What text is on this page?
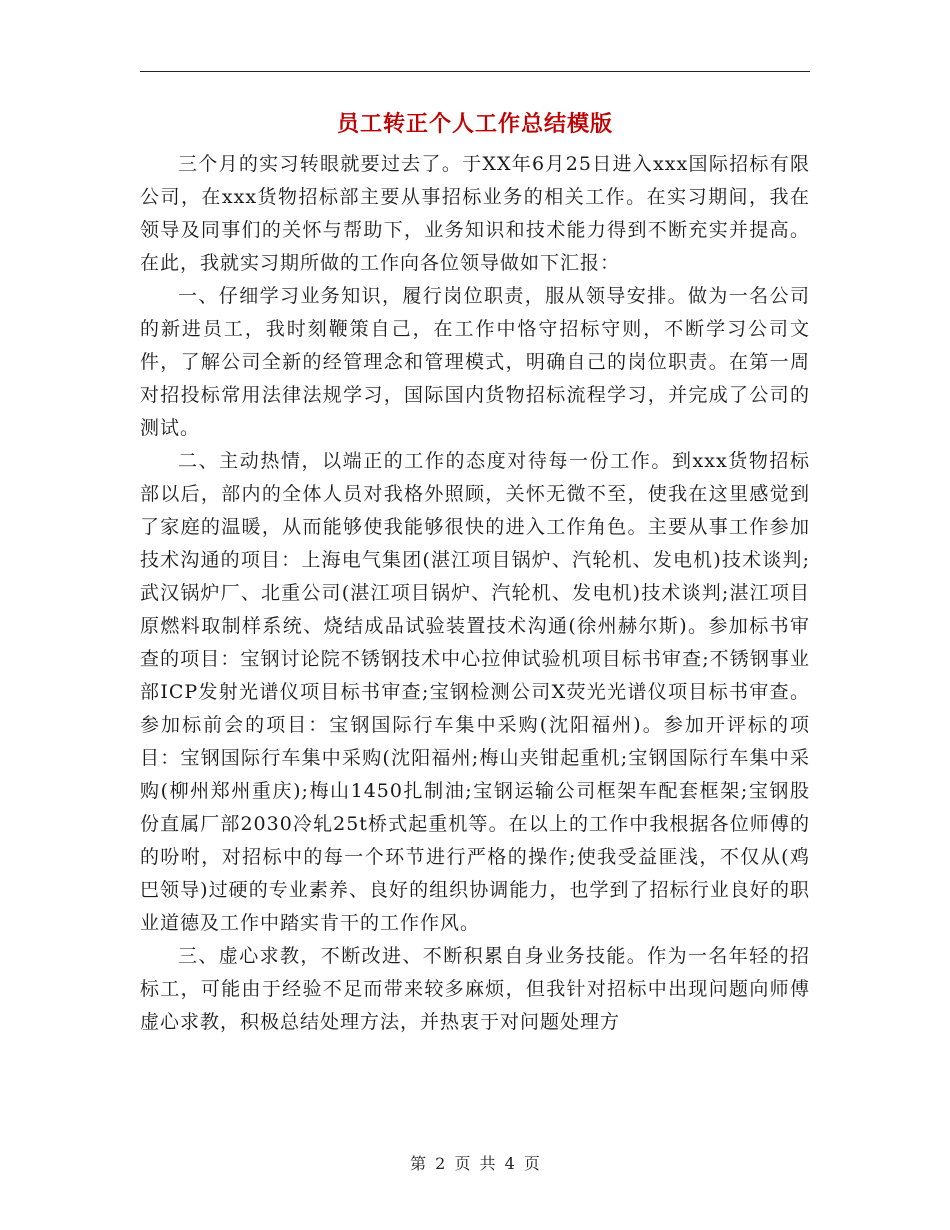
员工转正个人工作总结模版

三个月的实习转眼就要过去了。于XX年6月25日进入xxx国际招标有限公司，在xxx货物招标部主要从事招标业务的相关工作。在实习期间，我在领导及同事们的关怀与帮助下，业务知识和技术能力得到不断充实并提高。在此，我就实习期所做的工作向各位领导做如下汇报：

一、仔细学习业务知识，履行岗位职责，服从领导安排。做为一名公司的新进员工，我时刻鞭策自己，在工作中恪守招标守则，不断学习公司文件，了解公司全新的经管理念和管理模式，明确自己的岗位职责。在第一周对招投标常用法律法规学习，国际国内货物招标流程学习，并完成了公司的测试。

二、主动热情，以端正的工作的态度对待每一份工作。到xxx货物招标部以后，部内的全体人员对我格外照顾，关怀无微不至，使我在这里感觉到了家庭的温暖，从而能够使我能够很快的进入工作角色。主要从事工作参加技术沟通的项目：上海电气集团(湛江项目锅炉、汽轮机、发电机)技术谈判;武汉锅炉厂、北重公司(湛江项目锅炉、汽轮机、发电机)技术谈判;湛江项目原燃料取制样系统、烧结成品试验装置技术沟通(徐州赫尔斯)。参加标书审查的项目：宝钢讨论院不锈钢技术中心拉伸试验机项目标书审查;不锈钢事业部ICP发射光谱仪项目标书审查;宝钢检测公司X荧光光谱仪项目标书审查。参加标前会的项目：宝钢国际行车集中采购(沈阳福州)。参加开评标的项目：宝钢国际行车集中采购(沈阳福州;梅山夹钳起重机;宝钢国际行车集中采购(柳州郑州重庆);梅山1450扎制油;宝钢运输公司框架车配套框架;宝钢股份直属厂部2030冷轧25t桥式起重机等。在以上的工作中我根据各位师傅的的吩咐，对招标中的每一个环节进行严格的操作;使我受益匪浅，不仅从(鸡巴领导)过硬的专业素养、良好的组织协调能力，也学到了招标行业良好的职业道德及工作中踏实肯干的工作作风。

三、虚心求教，不断改进、不断积累自身业务技能。作为一名年轻的招标工，可能由于经验不足而带来较多麻烦，但我针对招标中出现问题向师傅虚心求教，积极总结处理方法，并热衷于对问题处理方

第 2 页 共 4 页
